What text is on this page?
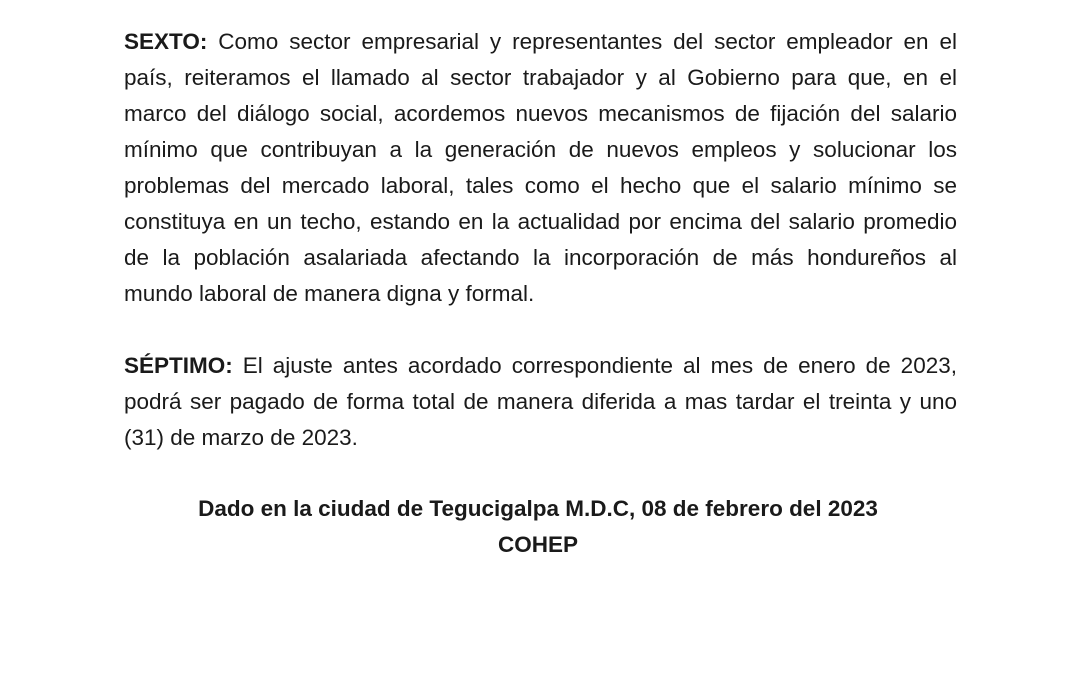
SEXTO: Como sector empresarial y representantes del sector empleador en el país, reiteramos el llamado al sector trabajador y al Gobierno para que, en el marco del diálogo social, acordemos nuevos mecanismos de fijación del salario mínimo que contribuyan a la generación de nuevos empleos y solucionar los problemas del mercado laboral, tales como el hecho que el salario mínimo se constituya en un techo, estando en la actualidad por encima del salario promedio de la población asalariada afectando la incorporación de más hondureños al mundo laboral de manera digna y formal.

SÉPTIMO: El ajuste antes acordado correspondiente al mes de enero de 2023, podrá ser pagado de forma total de manera diferida a mas tardar el treinta y uno (31) de marzo de 2023.

Dado en la ciudad de Tegucigalpa M.D.C, 08 de febrero del 2023
COHEP
